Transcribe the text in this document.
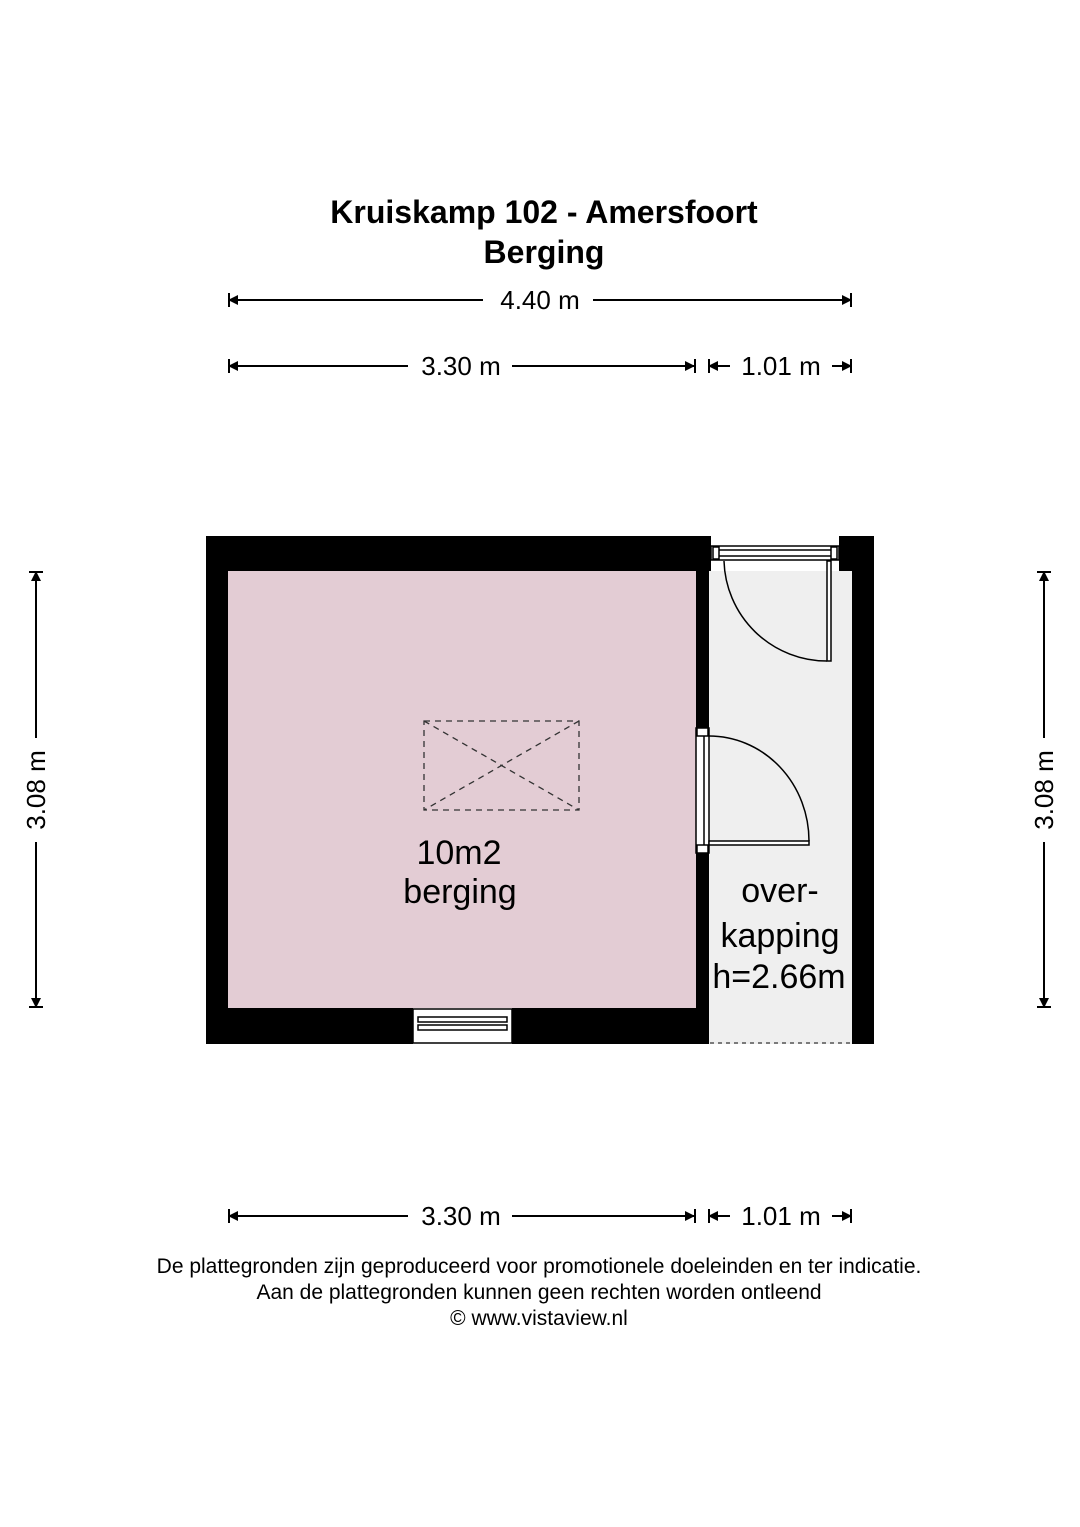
Kruiskamp 102 - Amersfoort
Berging
4.40 m
3.30 m	1.01 m
3.08 m	3.08 m
10m2
berging	over-
kapping
h=2.66m
3.30 m	1.01 m
De plattegronden zijn geproduceerd voor promotionele doeleinden en ter indicatie.
Aan de plattegronden kunnen geen rechten worden ontleend
© www.vistaview.nl
